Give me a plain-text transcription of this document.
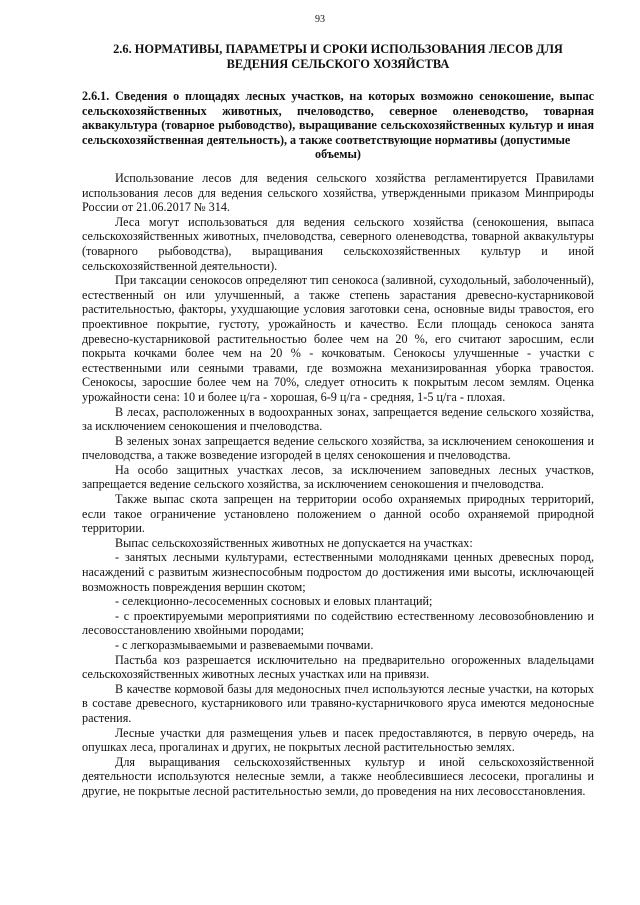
93
2.6. НОРМАТИВЫ, ПАРАМЕТРЫ И СРОКИ ИСПОЛЬЗОВАНИЯ ЛЕСОВ ДЛЯ ВЕДЕНИЯ СЕЛЬСКОГО ХОЗЯЙСТВА
2.6.1. Сведения о площадях лесных участков, на которых возможно сенокошение, выпас сельскохозяйственных животных, пчеловодство, северное оленеводство, товарная аквакультура (товарное рыбоводство), выращивание сельскохозяйственных культур и иная сельскохозяйственная деятельность), а также соответствующие нормативы (допустимые
объемы)

Использование лесов для ведения сельского хозяйства регламентируется Правилами использования лесов для ведения сельского хозяйства, утвержденными приказом Минприроды России от 21.06.2017 № 314.

Леса могут использоваться для ведения сельского хозяйства (сенокошения, выпаса сельскохозяйственных животных, пчеловодства, северного оленеводства, товарной аквакультуры (товарного рыбоводства), выращивания сельскохозяйственных культур и иной сельскохозяйственной деятельности).

При таксации сенокосов определяют тип сенокоса (заливной, суходольный, заболоченный), естественный он или улучшенный, а также степень зарастания древесно-кустарниковой растительностью, факторы, ухудшающие условия заготовки сена, основные виды травостоя, его проективное покрытие, густоту, урожайность и качество. Если площадь сенокоса занята древесно-кустарниковой растительностью более чем на 20 %, его считают заросшим, если покрыта кочками более чем на 20 % - кочковатым. Сенокосы улучшенные - участки с естественными или сеяными травами, где возможна механизированная уборка травостоя. Сенокосы, заросшие более чем на 70%, следует относить к покрытым лесом землям. Оценка урожайности сена: 10 и более ц/га - хорошая, 6-9 ц/га - средняя, 1-5 ц/га - плохая.

В лесах, расположенных в водоохранных зонах, запрещается ведение сельского хозяйства, за исключением сенокошения и пчеловодства.

В зеленых зонах запрещается ведение сельского хозяйства, за исключением сенокошения и пчеловодства, а также возведение изгородей в целях сенокошения и пчеловодства.

На особо защитных участках лесов, за исключением заповедных лесных участков, запрещается ведение сельского хозяйства, за исключением сенокошения и пчеловодства.

Также выпас скота запрещен на территории особо охраняемых природных территорий, если такое ограничение установлено положением о данной особо охраняемой природной территории.

Выпас сельскохозяйственных животных не допускается на участках:

- занятых лесными культурами, естественными молодняками ценных древесных пород, насаждений с развитым жизнеспособным подростом до достижения ими высоты, исключающей возможность повреждения вершин скотом;

- селекционно-лесосеменных сосновых и еловых плантаций;

- с проектируемыми мероприятиями по содействию естественному лесовозобновлению и лесовосстановлению хвойными породами;

- с легкоразмываемыми и развеваемыми почвами.

Пастьба коз разрешается исключительно на предварительно огороженных владельцами сельскохозяйственных животных лесных участках или на привязи.

В качестве кормовой базы для медоносных пчел используются лесные участки, на которых в составе древесного, кустарникового или травяно-кустарничкового яруса имеются медоносные растения.

Лесные участки для размещения ульев и пасек предоставляются, в первую очередь, на опушках леса, прогалинах и других, не покрытых лесной растительностью землях.

Для выращивания сельскохозяйственных культур и иной сельскохозяйственной деятельности используются нелесные земли, а также необлесившиеся лесосеки, прогалины и другие, не покрытые лесной растительностью земли, до проведения на них лесовосстановления.
